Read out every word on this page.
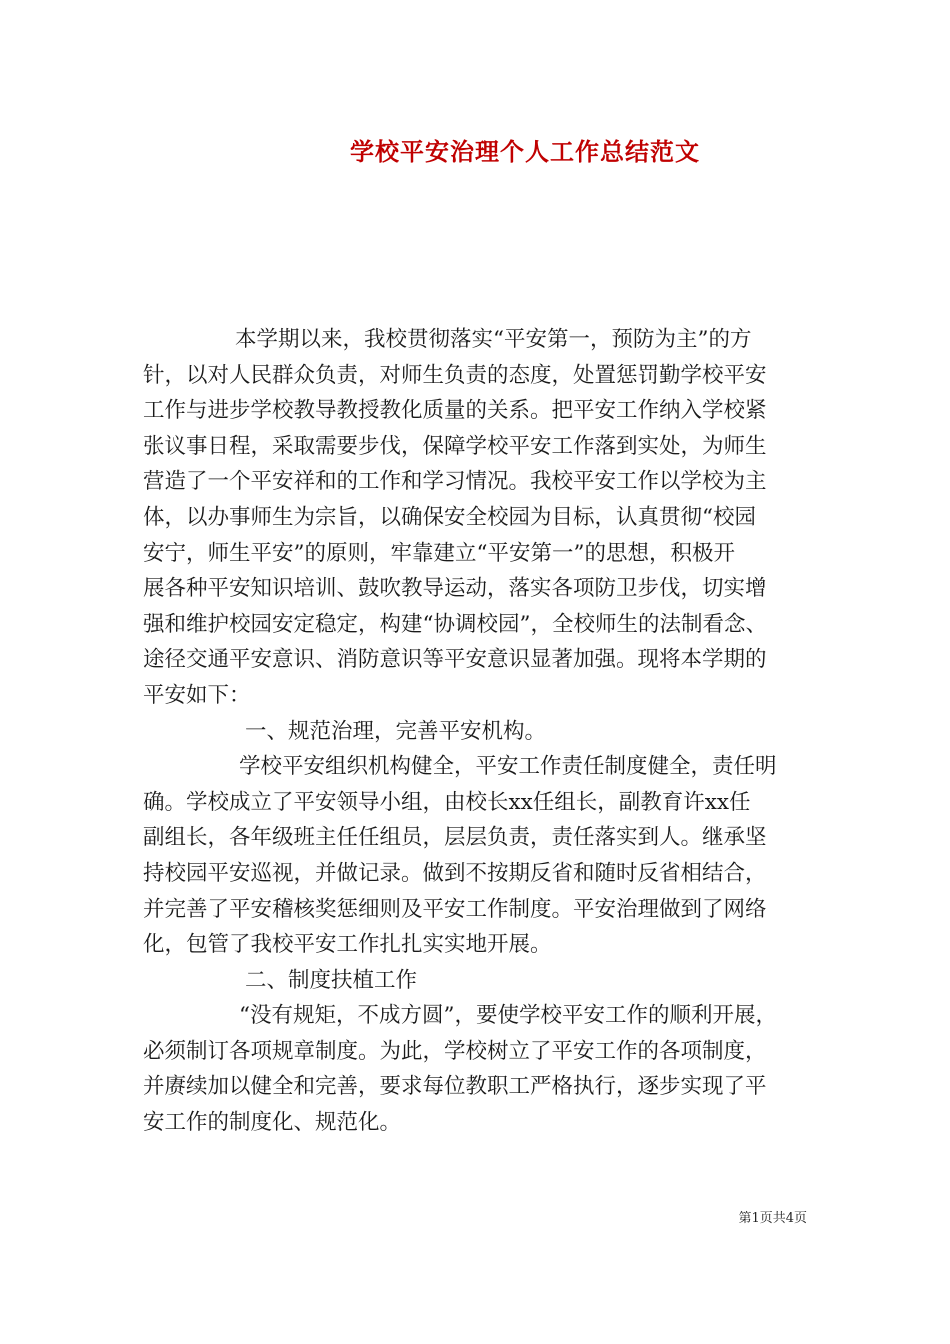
学校平安治理个人工作总结范文
本学期以来，我校贯彻落实“平安第一，预防为主”的方
针，以对人民群众负责，对师生负责的态度，处置惩罚勤学校平安
工作与进步学校教导教授教化质量的关系。把平安工作纳入学校紧
张议事日程，采取需要步伐，保障学校平安工作落到实处，为师生
营造了一个平安祥和的工作和学习情况。我校平安工作以学校为主
体，以办事师生为宗旨，以确保安全校园为目标，认真贯彻“校园
安宁，师生平安”的原则，牢靠建立“平安第一”的思想，积极开
展各种平安知识培训、鼓吹教导运动，落实各项防卫步伐，切实增
强和维护校园安定稳定，构建“协调校园”，全校师生的法制看念、
途径交通平安意识、消防意识等平安意识显著加强。现将本学期的
平安如下：
一、规范治理，完善平安机构。
学校平安组织机构健全，平安工作责任制度健全，责任明
确。学校成立了平安领导小组，由校长xx任组长，副教育许xx任
副组长，各年级班主任任组员，层层负责，责任落实到人。继承坚
持校园平安巡视，并做记录。做到不按期反省和随时反省相结合，
并完善了平安稽核奖惩细则及平安工作制度。平安治理做到了网络
化，包管了我校平安工作扎扎实实地开展。
二、制度扶植工作
“没有规矩，不成方圆”，要使学校平安工作的顺利开展，
必须制订各项规章制度。为此，学校树立了平安工作的各项制度，
并赓续加以健全和完善，要求每位教职工严格执行，逐步实现了平
安工作的制度化、规范化。
第1页共4页
